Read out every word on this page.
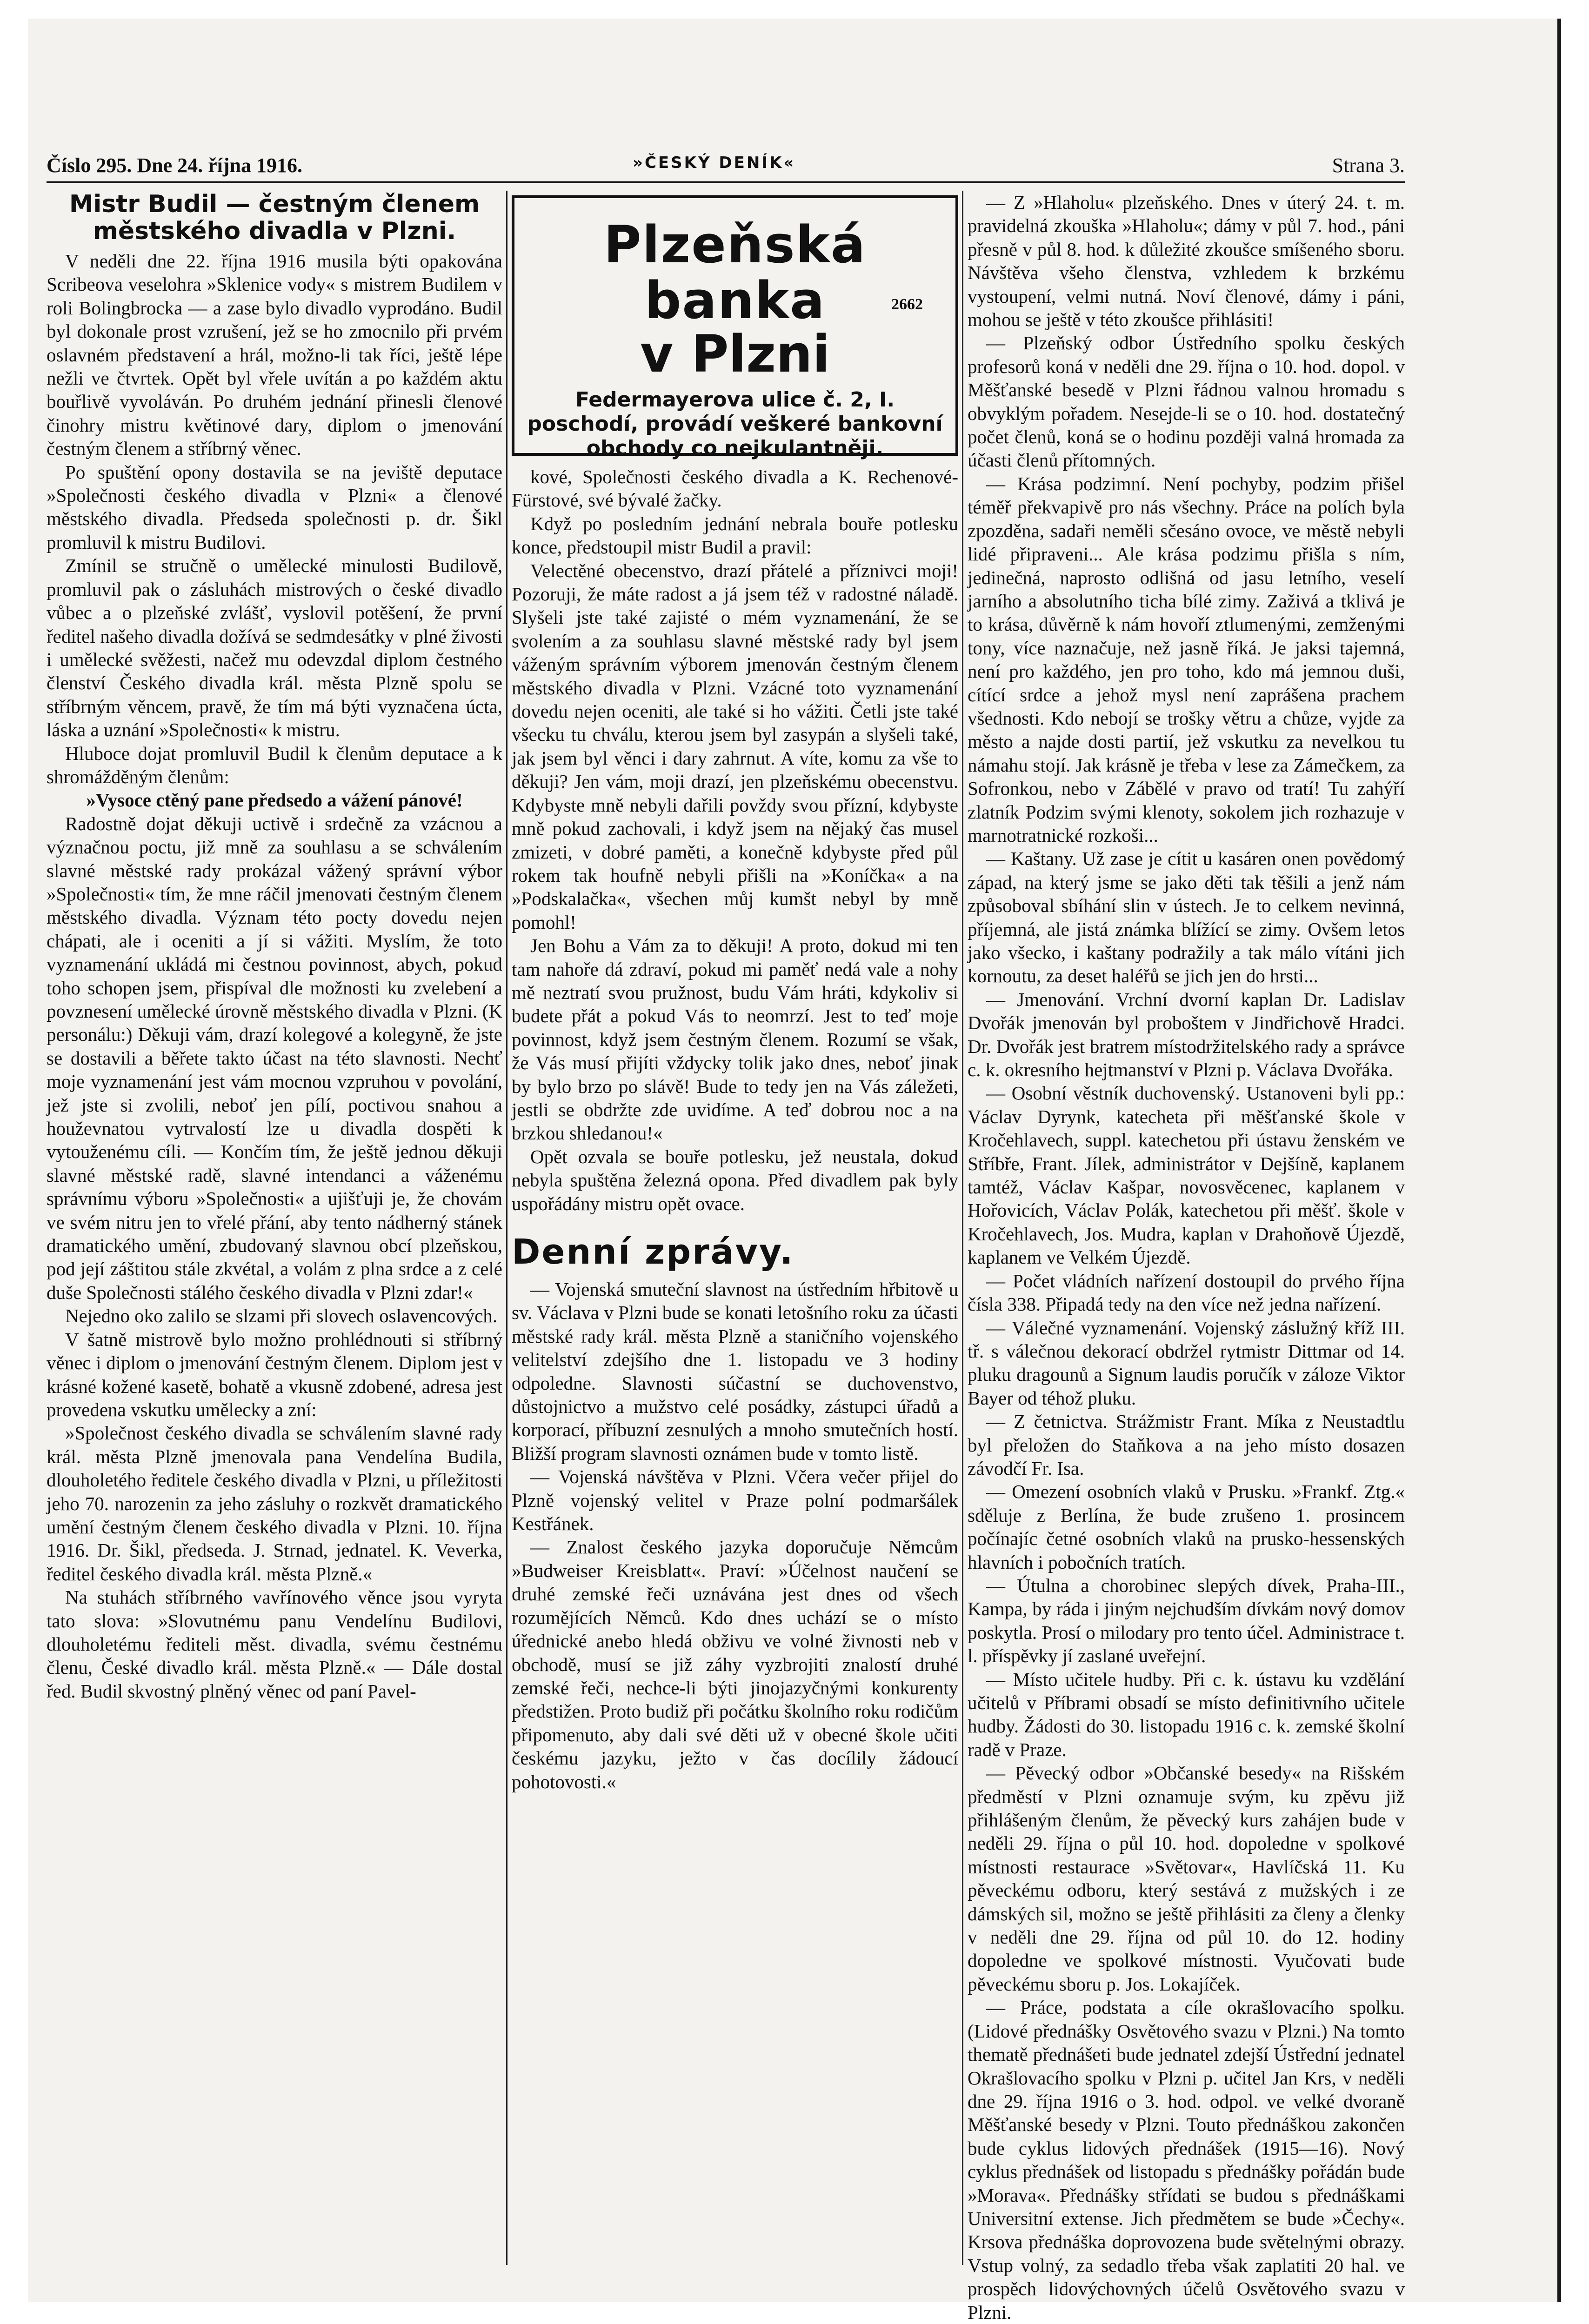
Číslo 295. Dne 24. října 1916.	»ČESKÝ DENÍK«	Strana 3.
Mistr Budil — čestným členem městského divadla v Plzni.

V neděli dne 22. října 1916 musila býti opakována Scribeova veselohra »Sklenice vody« s mistrem Budilem v roli Bolingbrocka — a zase bylo divadlo vyprodáno. Budil byl dokonale prost vzrušení, jež se ho zmocnilo při prvém oslavném představení a hrál, možno-li tak říci, ještě lépe nežli ve čtvrtek. Opět byl vřele uvítán a po každém aktu bouřlivě vyvoláván. Po druhém jednání přinesli členové činohry mistru květinové dary, diplom o jmenování čestným členem a stříbrný věnec.

Po spuštění opony dostavila se na jeviště deputace »Společnosti českého divadla v Plzni« a členové městského divadla. Předseda společnosti p. dr. Šikl promluvil k mistru Budilovi.

Zmínil se stručně o umělecké minulosti Budilově, promluvil pak o zásluhách mistrových o české divadlo vůbec a o plzeňské zvlášť, vyslovil potěšení, že první ředitel našeho divadla dožívá se sedmdesátky v plné živosti i umělecké svěžesti, načež mu odevzdal diplom čestného členství Českého divadla král. města Plzně spolu se stříbrným věncem, pravě, že tím má býti vyznačena úcta, láska a uznání »Společnosti« k mistru.

Hluboce dojat promluvil Budil k členům deputace a k shromážděným členům:

»Vysoce ctěný pane předsedo a vážení pánové!

Radostně dojat děkuji uctivě i srdečně za vzácnou a význačnou poctu, již mně za souhlasu a se schválením slavné městské rady prokázal vážený správní výbor »Společnosti« tím, že mne ráčil jmenovati čestným členem městského divadla. Význam této pocty dovedu nejen chápati, ale i oceniti a jí si vážiti. Myslím, že toto vyznamenání ukládá mi čestnou povinnost, abych, pokud toho schopen jsem, přispíval dle možnosti ku zvelebení a povznesení umělecké úrovně městského divadla v Plzni. (K personálu:) Děkuji vám, drazí kolegové a kolegyně, že jste se dostavili a běřete takto účast na této slavnosti. Nechť moje vyznamenání jest vám mocnou vzpruhou v povolání, jež jste si zvolili, neboť jen pílí, poctivou snahou a houževnatou vytrvalostí lze u divadla dospěti k vytouženému cíli. — Končím tím, že ještě jednou děkuji slavné městské radě, slavné intendanci a váženému správnímu výboru »Společnosti« a ujišťuji je, že chovám ve svém nitru jen to vřelé přání, aby tento nádherný stánek dramatického umění, zbudovaný slavnou obcí plzeňskou, pod její záštitou stále zkvétal, a volám z plna srdce a z celé duše Společnosti stálého českého divadla v Plzni zdar!«

Nejedno oko zalilo se slzami při slovech oslavencových.

V šatně mistrově bylo možno prohlédnouti si stříbrný věnec i diplom o jmenování čestným členem. Diplom jest v krásné kožené kasetě, bohatě a vkusně zdobené, adresa jest provedena vskutku umělecky a zní:

»Společnost českého divadla se schválením slavné rady král. města Plzně jmenovala pana Vendelína Budila, dlouholetého ředitele českého divadla v Plzni, u příležitosti jeho 70. narozenin za jeho zásluhy o rozkvět dramatického umění čestným členem českého divadla v Plzni. 10. října 1916. Dr. Šikl, předseda. J. Strnad, jednatel. K. Veverka, ředitel českého divadla král. města Plzně.«

Na stuhách stříbrného vavřínového věnce jsou vyryta tato slova: »Slovutnému panu Vendelínu Budilovi, dlouholetému řediteli měst. divadla, svému čestnému členu, České divadlo král. města Plzně.« — Dále dostal řed. Budil skvostný plněný věnec od paní Pavel-

Plzeňská banka
v Plzni
2662
Federmayerova ulice č. 2, I. poschodí, provádí veškeré bankovní obchody co nejkulantněji.

kové, Společnosti českého divadla a K. Rechenové-Fürstové, své bývalé žačky.

Když po posledním jednání nebrala bouře potlesku konce, předstoupil mistr Budil a pravil:

Velectěné obecenstvo, drazí přátelé a příznivci moji! Pozoruji, že máte radost a já jsem též v radostné náladě. Slyšeli jste také zajisté o mém vyznamenání, že se svolením a za souhlasu slavné městské rady byl jsem váženým správním výborem jmenován čestným členem městského divadla v Plzni. Vzácné toto vyznamenání dovedu nejen oceniti, ale také si ho vážiti. Četli jste také všecku tu chválu, kterou jsem byl zasypán a slyšeli také, jak jsem byl věnci i dary zahrnut. A víte, komu za vše to děkuji? Jen vám, moji drazí, jen plzeňskému obecenstvu. Kdybyste mně nebyli dařili povždy svou přízní, kdybyste mně pokud zachovali, i když jsem na nějaký čas musel zmizeti, v dobré paměti, a konečně kdybyste před půl rokem tak houfně nebyli přišli na »Koníčka« a na »Podskalačka«, všechen můj kumšt nebyl by mně pomohl!

Jen Bohu a Vám za to děkuji! A proto, dokud mi ten tam nahoře dá zdraví, pokud mi paměť nedá vale a nohy mě neztratí svou pružnost, budu Vám hráti, kdykoliv si budete přát a pokud Vás to neomrzí. Jest to teď moje povinnost, když jsem čestným členem. Rozumí se však, že Vás musí přijíti vždycky tolik jako dnes, neboť jinak by bylo brzo po slávě! Bude to tedy jen na Vás záležeti, jestli se obdržte zde uvidíme. A teď dobrou noc a na brzkou shledanou!«

Opět ozvala se bouře potlesku, jež neustala, dokud nebyla spuštěna železná opona. Před divadlem pak byly uspořádány mistru opět ovace.

Denní zprávy.

— Vojenská smuteční slavnost na ústředním hřbitově u sv. Václava v Plzni bude se konati letošního roku za účasti městské rady král. města Plzně a staničního vojenského velitelství zdejšího dne 1. listopadu ve 3 hodiny odpoledne. Slavnosti súčastní se duchovenstvo, důstojnictvo a mužstvo celé posádky, zástupci úřadů a korporací, příbuzní zesnulých a mnoho smutečních hostí. Bližší program slavnosti oznámen bude v tomto listě.

— Vojenská návštěva v Plzni. Včera večer přijel do Plzně vojenský velitel v Praze polní podmaršálek Kestřánek.

— Znalost českého jazyka doporučuje Němcům »Budweiser Kreisblatt«. Praví: »Účelnost naučení se druhé zemské řeči uznávána jest dnes od všech rozumějících Němců. Kdo dnes uchází se o místo úřednické anebo hledá obživu ve volné živnosti neb v obchodě, musí se již záhy vyzbrojiti znalostí druhé zemské řeči, nechce-li býti jinojazyčnými konkurenty předstižen. Proto budiž při počátku školního roku rodičům připomenuto, aby dali své děti už v obecné škole učiti českému jazyku, ježto v čas docílily žádoucí pohotovosti.«

— Z »Hlaholu« plzeňského. Dnes v úterý 24. t. m. pravidelná zkouška »Hlaholu«; dámy v půl 7. hod., páni přesně v půl 8. hod. k důležité zkoušce smíšeného sboru. Návštěva všeho členstva, vzhledem k brzkému vystoupení, velmi nutná. Noví členové, dámy i páni, mohou se ještě v této zkoušce přihlásiti!

— Plzeňský odbor Ústředního spolku českých profesorů koná v neděli dne 29. října o 10. hod. dopol. v Měšťanské besedě v Plzni řádnou valnou hromadu s obvyklým pořadem. Nesejde-li se o 10. hod. dostatečný počet členů, koná se o hodinu později valná hromada za účasti členů přítomných.

— Krása podzimní. Není pochyby, podzim přišel téměř překvapivě pro nás všechny. Práce na polích byla zpozděna, sadaři neměli sčesáno ovoce, ve městě nebyli lidé připraveni... Ale krása podzimu přišla s ním, jedinečná, naprosto odlišná od jasu letního, veselí jarního a absolutního ticha bílé zimy. Zaživá a tklivá je to krása, důvěrně k nám hovoří ztlumenými, zemženými tony, více naznačuje, než jasně říká. Je jaksi tajemná, není pro každého, jen pro toho, kdo má jemnou duši, cítící srdce a jehož mysl není zaprášena prachem všednosti. Kdo nebojí se trošky větru a chůze, vyjde za město a najde dosti partií, jež vskutku za nevelkou tu námahu stojí. Jak krásně je třeba v lese za Zámečkem, za Sofronkou, nebo v Zábělé v pravo od tratí! Tu zahýří zlatník Podzim svými klenoty, sokolem jich rozhazuje v marnotratnické rozkoši...

— Kaštany. Už zase je cítit u kasáren onen povědomý západ, na který jsme se jako děti tak těšili a jenž nám způsoboval sbíhání slin v ústech. Je to celkem nevinná, příjemná, ale jistá známka blížící se zimy. Ovšem letos jako všecko, i kaštany podražily a tak málo vítáni jich kornoutu, za deset haléřů se jich jen do hrsti...

— Jmenování. Vrchní dvorní kaplan Dr. Ladislav Dvořák jmenován byl proboštem v Jindřichově Hradci. Dr. Dvořák jest bratrem místodržitelského rady a správce c. k. okresního hejtmanství v Plzni p. Václava Dvořáka.

— Osobní věstník duchovenský. Ustanoveni byli pp.: Václav Dyrynk, katecheta při měšťanské škole v Kročehlavech, suppl. katechetou při ústavu ženském ve Stříbře, Frant. Jílek, administrátor v Dejšíně, kaplanem tamtéž, Václav Kašpar, novosvěcenec, kaplanem v Hořovicích, Václav Polák, katechetou při měšť. škole v Kročehlavech, Jos. Mudra, kaplan v Drahoňově Újezdě, kaplanem ve Velkém Újezdě.

— Počet vládních nařízení dostoupil do prvého října čísla 338. Připadá tedy na den více než jedna nařízení.

— Válečné vyznamenání. Vojenský záslužný kříž III. tř. s válečnou dekorací obdržel rytmistr Dittmar od 14. pluku dragounů a Signum laudis poručík v záloze Viktor Bayer od téhož pluku.

— Z četnictva. Strážmistr Frant. Míka z Neustadtlu byl přeložen do Staňkova a na jeho místo dosazen závodčí Fr. Isa.

— Omezení osobních vlaků v Prusku. »Frankf. Ztg.« sděluje z Berlína, že bude zrušeno 1. prosincem počínajíc četné osobních vlaků na prusko-hessenských hlavních i pobočních tratích.

— Útulna a chorobinec slepých dívek, Praha-III., Kampa, by ráda i jiným nejchudším dívkám nový domov poskytla. Prosí o milodary pro tento účel. Administrace t. l. příspěvky jí zaslané uveřejní.

— Místo učitele hudby. Při c. k. ústavu ku vzdělání učitelů v Příbrami obsadí se místo definitivního učitele hudby. Žádosti do 30. listopadu 1916 c. k. zemské školní radě v Praze.

— Pěvecký odbor »Občanské besedy« na Rišském předměstí v Plzni oznamuje svým, ku zpěvu již přihlášeným členům, že pěvecký kurs zahájen bude v neděli 29. října o půl 10. hod. dopoledne v spolkové místnosti restaurace »Světovar«, Havlíčská 11. Ku pěveckému odboru, který sestává z mužských i ze dámských sil, možno se ještě přihlásiti za členy a členky v neděli dne 29. října od půl 10. do 12. hodiny dopoledne ve spolkové místnosti. Vyučovati bude pěveckému sboru p. Jos. Lokajíček.

— Práce, podstata a cíle okrašlovacího spolku. (Lidové přednášky Osvětového svazu v Plzni.) Na tomto thematě přednášeti bude jednatel zdejší Ústřední jednatel Okrašlovacího spolku v Plzni p. učitel Jan Krs, v neděli dne 29. října 1916 o 3. hod. odpol. ve velké dvoraně Měšťanské besedy v Plzni. Touto přednáškou zakončen bude cyklus lidových přednášek (1915—16). Nový cyklus přednášek od listopadu s přednášky pořádán bude »Morava«. Přednášky střídati se budou s přednáškami Universitní extense. Jich předmětem se bude »Čechy«. Krsova přednáška doprovozena bude světelnými obrazy. Vstup volný, za sedadlo třeba však zaplatiti 20 hal. ve prospěch lidovýchovných účelů Osvětového svazu v Plzni.
